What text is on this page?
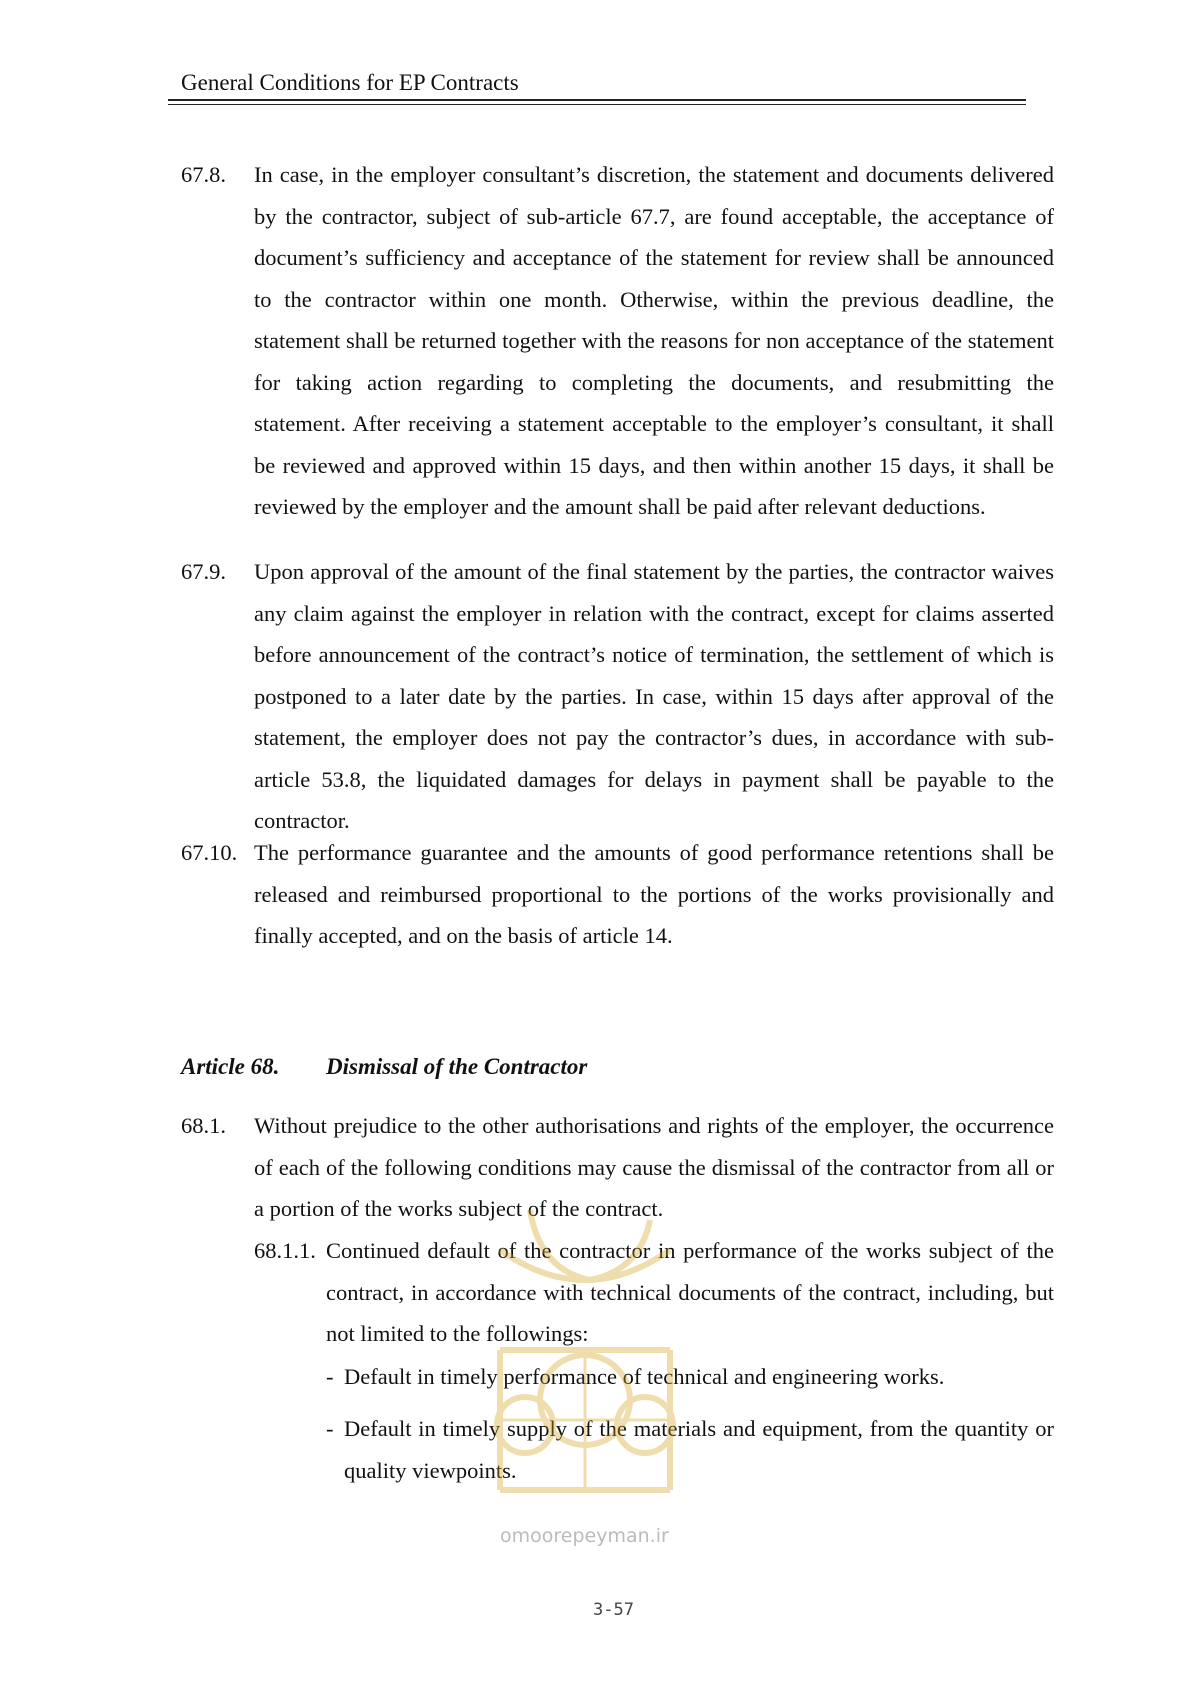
General Conditions for EP Contracts
67.8. In case, in the employer consultant’s discretion, the statement and documents delivered by the contractor, subject of sub-article 67.7, are found acceptable, the acceptance of document’s sufficiency and acceptance of the statement for review shall be announced to the contractor within one month. Otherwise, within the previous deadline, the statement shall be returned together with the reasons for non acceptance of the statement for taking action regarding to completing the documents, and resubmitting the statement. After receiving a statement acceptable to the employer’s consultant, it shall be reviewed and approved within 15 days, and then within another 15 days, it shall be reviewed by the employer and the amount shall be paid after relevant deductions.
67.9. Upon approval of the amount of the final statement by the parties, the contractor waives any claim against the employer in relation with the contract, except for claims asserted before announcement of the contract’s notice of termination, the settlement of which is postponed to a later date by the parties. In case, within 15 days after approval of the statement, the employer does not pay the contractor’s dues, in accordance with sub-article 53.8, the liquidated damages for delays in payment shall be payable to the contractor.
67.10. The performance guarantee and the amounts of good performance retentions shall be released and reimbursed proportional to the portions of the works provisionally and finally accepted, and on the basis of article 14.
Article 68. Dismissal of the Contractor
68.1. Without prejudice to the other authorisations and rights of the employer, the occurrence of each of the following conditions may cause the dismissal of the contractor from all or a portion of the works subject of the contract.
68.1.1. Continued default of the contractor in performance of the works subject of the contract, in accordance with technical documents of the contract, including, but not limited to the followings:
- Default in timely performance of technical and engineering works.
- Default in timely supply of the materials and equipment, from the quantity or quality viewpoints.
omoorepeyman.ir
3-57
